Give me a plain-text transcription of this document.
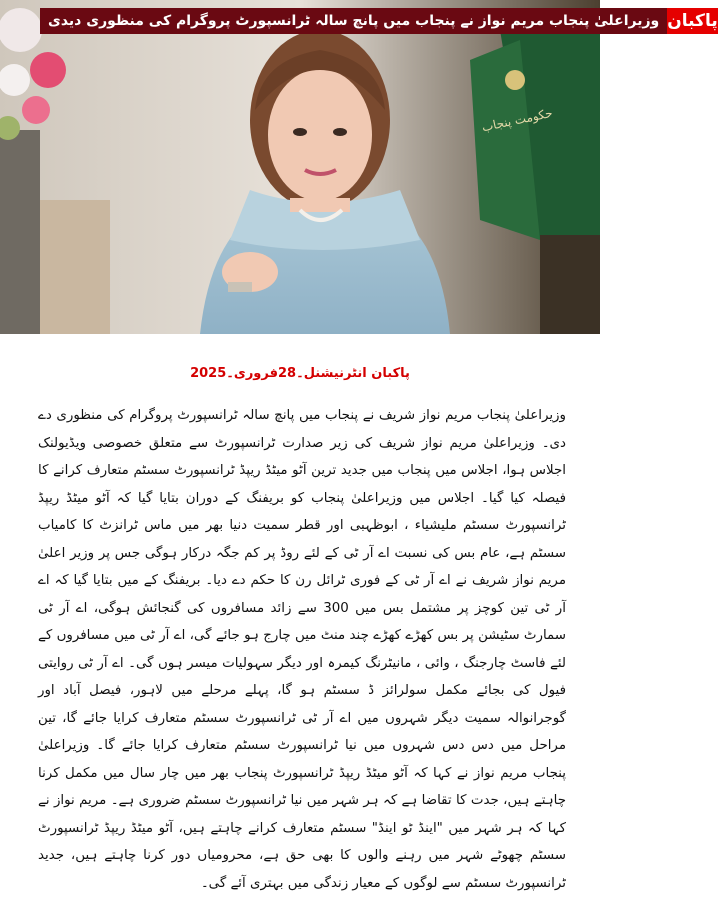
حکومت پنجاب
وزیراعلیٰ پنجاب مریم نواز نے پنجاب میں پانچ سالہ ٹرانسپورٹ پروگرام کی منظوری دیدی پاکبان
پاکبان انٹرنیشنل۔28فروری۔2025

وزیراعلیٰ پنجاب مریم نواز شریف نے پنجاب میں پانچ سالہ ٹرانسپورٹ پروگرام کی منظوری دے دی۔ وزیراعلیٰ مریم نواز شریف کی زیر صدارت ٹرانسپورٹ سے متعلق خصوصی ویڈیولنک اجلاس ہوا، اجلاس میں پنجاب میں جدید ترین آٹو میٹڈ ریپڈ ٹرانسپورٹ سسٹم متعارف کرانے کا فیصلہ کیا گیا۔ اجلاس میں وزیراعلیٰ پنجاب کو بریفنگ کے دوران بتایا گیا کہ آٹو میٹڈ ریپڈ ٹرانسپورٹ سسٹم ملیشیاء ، ابوظہبی اور قطر سمیت دنیا بھر میں ماس ٹرانزٹ کا کامیاب سسٹم ہے، عام بس کی نسبت اے آر ٹی کے لئے روڈ پر کم جگہ درکار ہوگی جس پر وزیر اعلیٰ مریم نواز شریف نے اے آر ٹی کے فوری ٹرائل رن کا حکم دے دیا۔ بریفنگ کے میں بتایا گیا کہ اے آر ٹی تین کوچز پر مشتمل بس میں 300 سے زائد مسافروں کی گنجائش ہوگی، اے آر ٹی سمارٹ سٹیشن پر بس کھڑے کھڑے چند منٹ میں چارج ہو جائے گی، اے آر ٹی میں مسافروں کے لئے فاسٹ چارجنگ ، وائی ، مانیٹرنگ کیمرہ اور دیگر سہولیات میسر ہوں گی۔ اے آر ٹی روایتی فیول کی بجائے مکمل سولرائز ڈ سسٹم ہو گا، پہلے مرحلے میں لاہور، فیصل آباد اور گوجرانوالہ سمیت دیگر شہروں میں اے آر ٹی ٹرانسپورٹ سسٹم متعارف کرایا جائے گا، تین مراحل میں دس دس شہروں میں نیا ٹرانسپورٹ سسٹم متعارف کرایا جائے گا۔ وزیراعلیٰ پنجاب مریم نواز نے کہا کہ آٹو میٹڈ ریپڈ ٹرانسپورٹ پنجاب بھر میں چار سال میں مکمل کرنا چاہتے ہیں، جدت کا تقاضا ہے کہ ہر شہر میں نیا ٹرانسپورٹ سسٹم ضروری ہے۔ مریم نواز نے کہا کہ ہر شہر میں "اینڈ ٹو اینڈ" سسٹم متعارف کرانے چاہتے ہیں، آٹو میٹڈ ریپڈ ٹرانسپورٹ سسٹم چھوٹے شہر میں رہنے والوں کا بھی حق ہے، محرومیاں دور کرنا چاہتے ہیں، جدید ٹرانسپورٹ سسٹم سے لوگوں کے معیار زندگی میں بہتری آئے گی۔
